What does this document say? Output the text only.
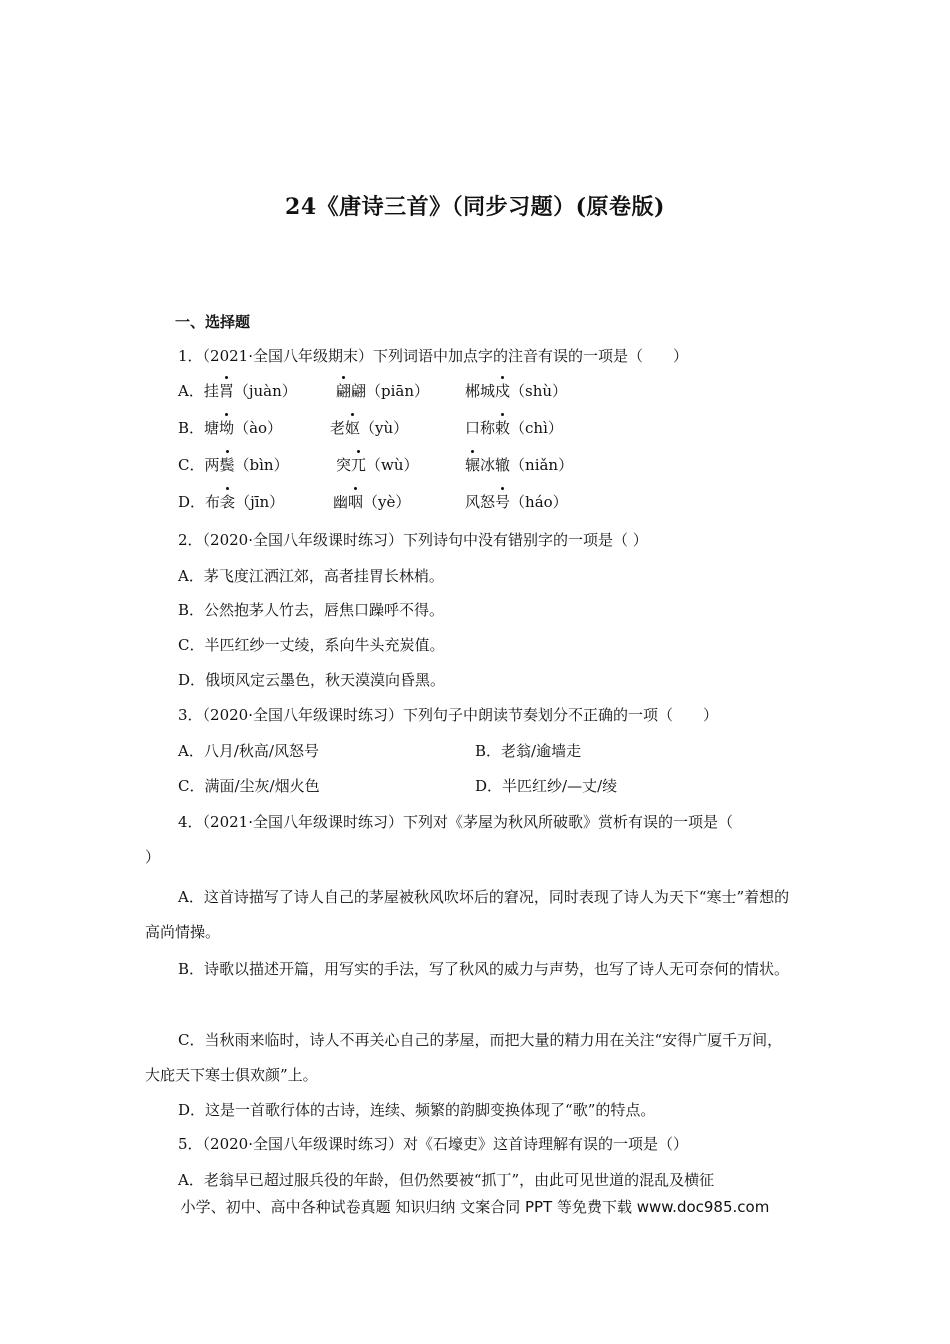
24《唐诗三首》（同步习题）(原卷版)
一、选择题
1．（2021·全国八年级期末）下列词语中加点字的注音有误的一项是（　　）
A．挂罥（juàn）	翩翩（piān） 郴城戍（shù）
B．塘坳（ào）	老妪（yù）	口称敕（chì）
C．两鬓（bìn）	突兀（wù）	辗冰辙（niǎn）
D．布衾（jīn）	幽咽（yè）	风怒号（háo）
2．（2020·全国八年级课时练习）下列诗句中没有错别字的一项是（ ）
A．茅飞度江洒江郊，高者挂胃长林梢。
B．公然抱茅人竹去，唇焦口躁呼不得。
C．半匹红纱一丈绫，系向牛头充炭值。
D．俄顷风定云墨色，秋天漠漠向昏黑。
3．（2020·全国八年级课时练习）下列句子中朗读节奏划分不正确的一项（　　）
A．八月/秋高/风怒号	B．老翁/逾墙走
C．满面/尘灰/烟火色	D．半匹红纱/—丈/绫
4．（2021·全国八年级课时练习）下列对《茅屋为秋风所破歌》赏析有误的一项是（
）
A．这首诗描写了诗人自己的茅屋被秋风吹坏后的窘况，同时表现了诗人为天下“寒士”着想的高尚情操。
B．诗歌以描述开篇，用写实的手法，写了秋风的威力与声势，也写了诗人无可奈何的情状。
C．当秋雨来临时，诗人不再关心自己的茅屋，而把大量的精力用在关注“安得广厦千万间，大庇天下寒士俱欢颜”上。
D．这是一首歌行体的古诗，连续、频繁的韵脚变换体现了“歌”的特点。
5．（2020·全国八年级课时练习）对《石壕吏》这首诗理解有误的一项是（）
A．老翁早已超过服兵役的年龄，但仍然要被“抓丁”，由此可见世道的混乱及横征
小学、初中、高中各种试卷真题 知识归纳 文案合同 PPT 等免费下载 www.doc985.com
